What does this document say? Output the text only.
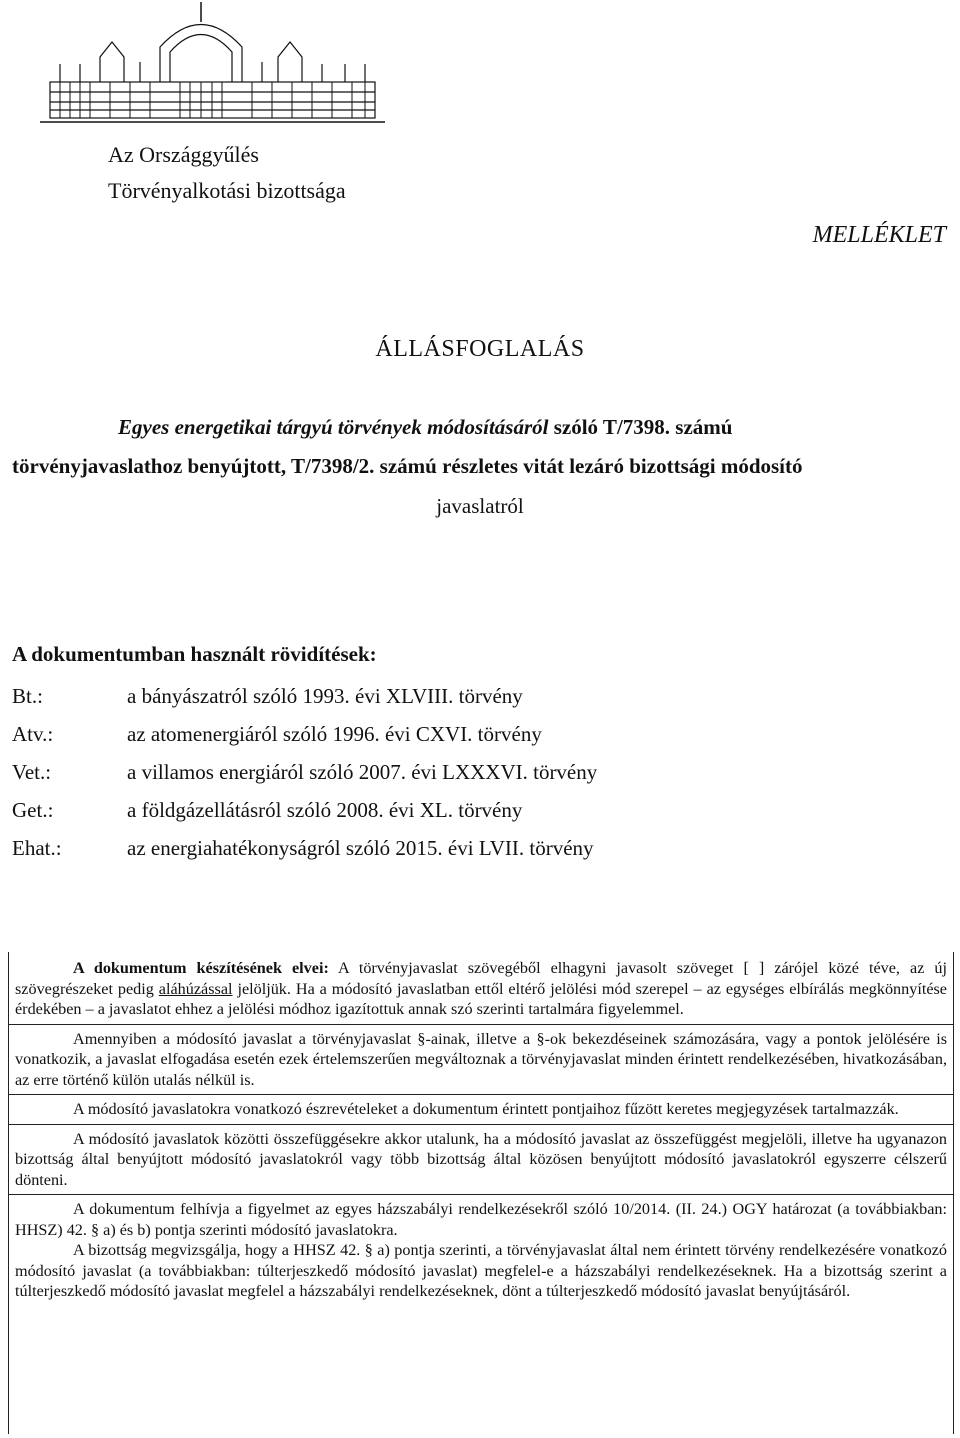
Az Országgyűlés
Törvényalkotási bizottsága
MELLÉKLET
ÁLLÁSFOGLALÁS
Egyes energetikai tárgyú törvények módosításáról szóló T/7398. számú
törvényjavaslathoz benyújtott, T/7398/2. számú részletes vitát lezáró bizottsági módosító
javaslatról
A dokumentumban használt rövidítések:
Bt.:	a bányászatról szóló 1993. évi XLVIII. törvény
Atv.:	az atomenergiáról szóló 1996. évi CXVI. törvény
Vet.:	a villamos energiáról szóló 2007. évi LXXXVI. törvény
Get.:	a földgázellátásról szóló 2008. évi XL. törvény
Ehat.:	az energiahatékonyságról szóló 2015. évi LVII. törvény

A dokumentum készítésének elvei: A törvényjavaslat szövegéből elhagyni javasolt szöveget [ ] zárójel közé téve, az új szövegrészeket pedig aláhúzással jelöljük. Ha a módosító javaslatban ettől eltérő jelölési mód szerepel – az egységes elbírálás megkönnyítése érdekében – a javaslatot ehhez a jelölési módhoz igazítottuk annak szó szerinti tartalmára figyelemmel.

Amennyiben a módosító javaslat a törvényjavaslat §-ainak, illetve a §-ok bekezdéseinek számozására, vagy a pontok jelölésére is vonatkozik, a javaslat elfogadása esetén ezek értelemszerűen megváltoznak a törvényjavaslat minden érintett rendelkezésében, hivatkozásában, az erre történő külön utalás nélkül is.

A módosító javaslatokra vonatkozó észrevételeket a dokumentum érintett pontjaihoz fűzött keretes megjegyzések tartalmazzák.

A módosító javaslatok közötti összefüggésekre akkor utalunk, ha a módosító javaslat az összefüggést megjelöli, illetve ha ugyanazon bizottság által benyújtott módosító javaslatokról vagy több bizottság által közösen benyújtott módosító javaslatokról egyszerre célszerű dönteni.

A dokumentum felhívja a figyelmet az egyes házszabályi rendelkezésekről szóló 10/2014. (II. 24.) OGY határozat (a továbbiakban: HHSZ) 42. § a) és b) pontja szerinti módosító javaslatokra.
A bizottság megvizsgálja, hogy a HHSZ 42. § a) pontja szerinti, a törvényjavaslat által nem érintett törvény rendelkezésére vonatkozó módosító javaslat (a továbbiakban: túlterjeszkedő módosító javaslat) megfelel-e a házszabályi rendelkezéseknek. Ha a bizottság szerint a túlterjeszkedő módosító javaslat megfelel a házszabályi rendelkezéseknek, dönt a túlterjeszkedő módosító javaslat benyújtásáról.
